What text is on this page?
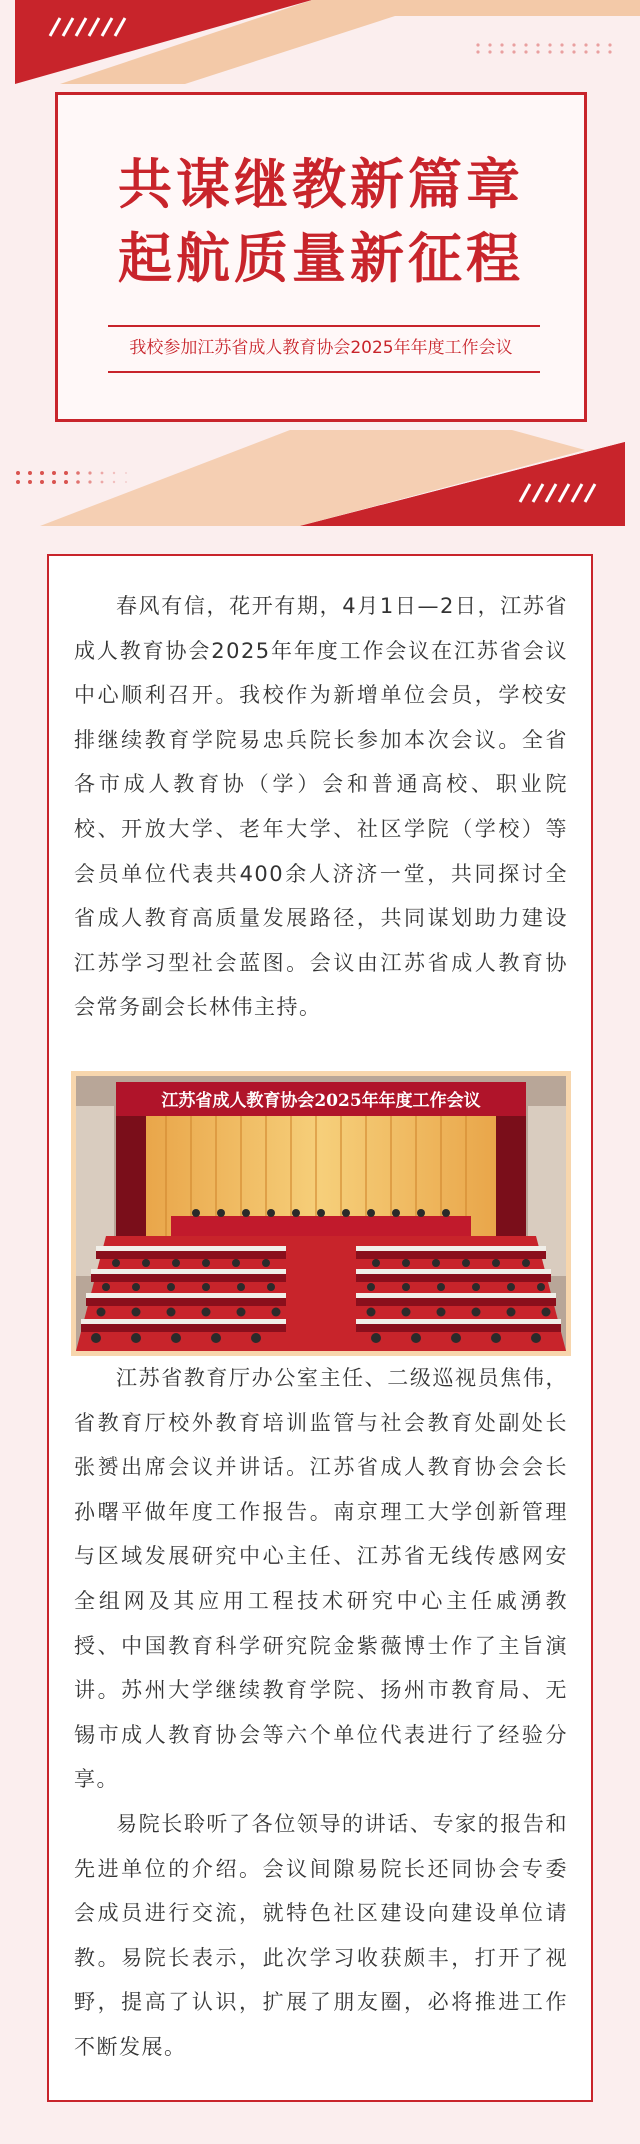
共谋继教新篇章
起航质量新征程
我校参加江苏省成人教育协会2025年年度工作会议

春风有信，花开有期，4月1日—2日，江苏省成人教育协会2025年年度工作会议在江苏省会议中心顺利召开。我校作为新增单位会员，学校安排继续教育学院易忠兵院长参加本次会议。全省各市成人教育协（学）会和普通高校、职业院校、开放大学、老年大学、社区学院（学校）等会员单位代表共400余人济济一堂，共同探讨全省成人教育高质量发展路径，共同谋划助力建设江苏学习型社会蓝图。会议由江苏省成人教育协会常务副会长林伟主持。

江苏省成人教育协会2025年年度工作会议

江苏省教育厅办公室主任、二级巡视员焦伟，省教育厅校外教育培训监管与社会教育处副处长张赟出席会议并讲话。江苏省成人教育协会会长孙曙平做年度工作报告。南京理工大学创新管理与区域发展研究中心主任、江苏省无线传感网安全组网及其应用工程技术研究中心主任戚湧教授、中国教育科学研究院金紫薇博士作了主旨演讲。苏州大学继续教育学院、扬州市教育局、无锡市成人教育协会等六个单位代表进行了经验分享。

易院长聆听了各位领导的讲话、专家的报告和先进单位的介绍。会议间隙易院长还同协会专委会成员进行交流，就特色社区建设向建设单位请教。易院长表示，此次学习收获颇丰，打开了视野，提高了认识，扩展了朋友圈，必将推进工作不断发展。
